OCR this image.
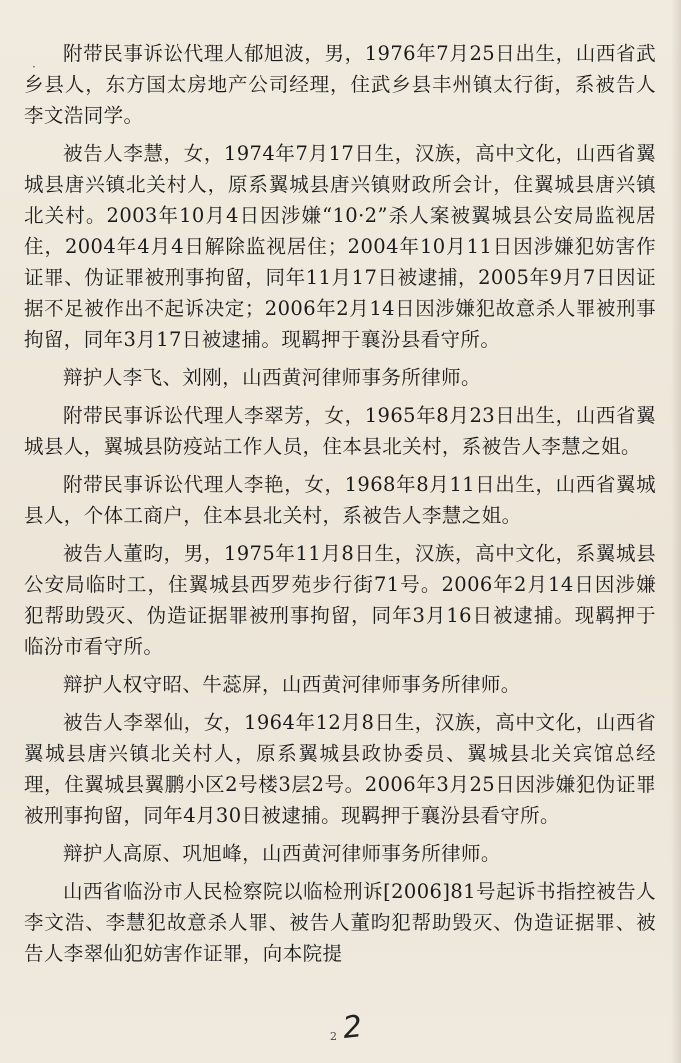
·

附带民事诉讼代理人郁旭波，男，1976年7月25日出生，山西省武乡县人，东方国太房地产公司经理，住武乡县丰州镇太行街，系被告人李文浩同学。

被告人李慧，女，1974年7月17日生，汉族，高中文化，山西省翼城县唐兴镇北关村人，原系翼城县唐兴镇财政所会计，住翼城县唐兴镇北关村。2003年10月4日因涉嫌“10·2”杀人案被翼城县公安局监视居住，2004年4月4日解除监视居住；2004年10月11日因涉嫌犯妨害作证罪、伪证罪被刑事拘留，同年11月17日被逮捕，2005年9月7日因证据不足被作出不起诉决定；2006年2月14日因涉嫌犯故意杀人罪被刑事拘留，同年3月17日被逮捕。现羁押于襄汾县看守所。

辩护人李飞、刘刚，山西黄河律师事务所律师。

附带民事诉讼代理人李翠芳，女，1965年8月23日出生，山西省翼城县人，翼城县防疫站工作人员，住本县北关村，系被告人李慧之姐。

附带民事诉讼代理人李艳，女，1968年8月11日出生，山西省翼城县人，个体工商户，住本县北关村，系被告人李慧之姐。

被告人董昀，男，1975年11月8日生，汉族，高中文化，系翼城县公安局临时工，住翼城县西罗苑步行街71号。2006年2月14日因涉嫌犯帮助毁灭、伪造证据罪被刑事拘留，同年3月16日被逮捕。现羁押于临汾市看守所。

辩护人权守昭、牛蕊屏，山西黄河律师事务所律师。

被告人李翠仙，女，1964年12月8日生，汉族，高中文化，山西省翼城县唐兴镇北关村人，原系翼城县政协委员、翼城县北关宾馆总经理，住翼城县翼鹏小区2号楼3层2号。2006年3月25日因涉嫌犯伪证罪被刑事拘留，同年4月30日被逮捕。现羁押于襄汾县看守所。

辩护人高原、巩旭峰，山西黄河律师事务所律师。

山西省临汾市人民检察院以临检刑诉[2006]81号起诉书指控被告人李文浩、李慧犯故意杀人罪、被告人董昀犯帮助毁灭、伪造证据罪、被告人李翠仙犯妨害作证罪，向本院提

2 2
